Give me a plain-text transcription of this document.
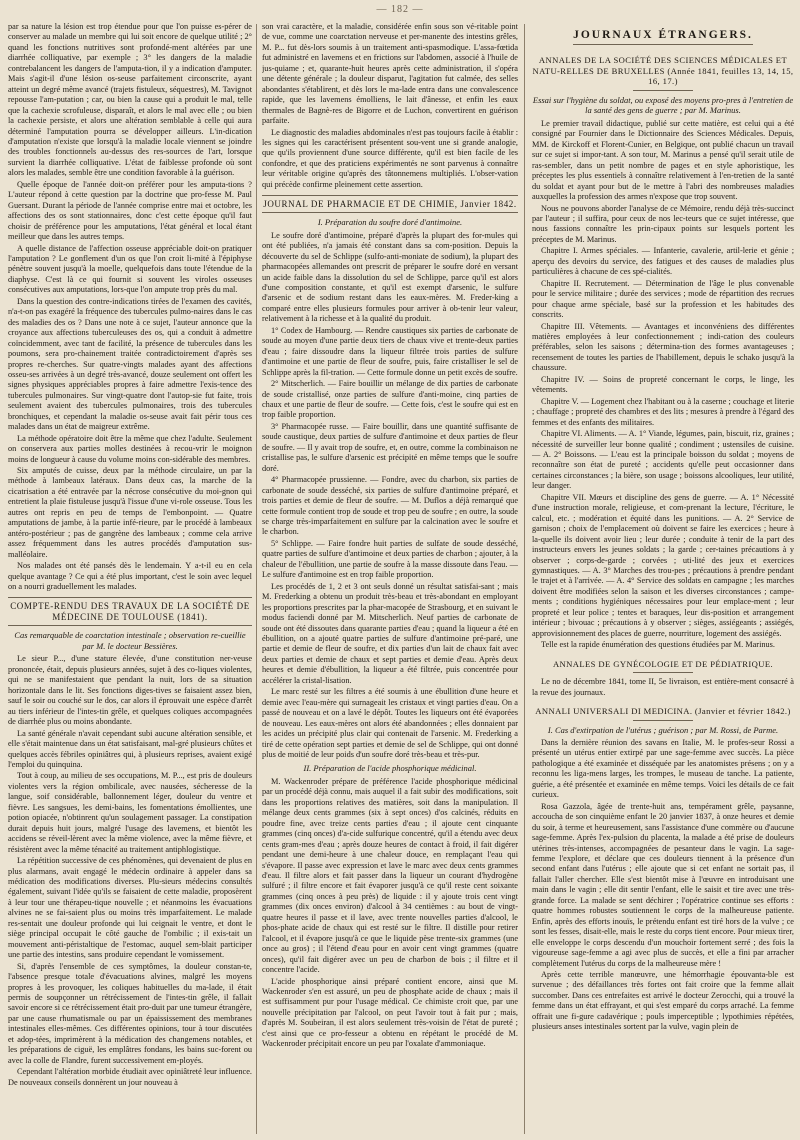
— 182 —

par sa nature la lésion est trop étendue pour que l'on puisse es-pérer de conserver au malade un membre qui lui soit encore de quelque utilité ; 2° quand les fonctions nutritives sont profondé-ment altérées par une diarrhée colliquative, par exemple ; 3° les dangers de la maladie contrebalancent les dangers de l'amputa-tion, il y a indication d'amputer. Mais s'agit-il d'une lésion os-seuse parfaitement circonscrite, ayant atteint un degré même avancé (trajets fistuleux, séquestres), M. Tavignot repousse l'am-putation ; car, ou bien la cause qui a produit le mal, telle que la cachexie scrofuleuse, disparaît, et alors le mal avec elle ; ou bien la cachexie persiste, et alors une altération semblable à celle qui aura déterminé l'amputation pourra se développer ailleurs. L'in-dication d'amputation n'existe que lorsqu'à la maladie locale viennent se joindre des troubles fonctionnels au-dessus des res-sources de l'art, lorsque survient la diarrhée colliquative. L'état de faiblesse profonde où sont alors les malades, semble être une condition favorable à la guérison.

Quelle époque de l'année doit-on préférer pour les amputa-tions ? L'auteur répond à cette question par la doctrine que pro-fesse M. Paul Guersant. Durant la période de l'année comprise entre mai et octobre, les affections des os sont stationnaires, donc c'est cette époque qu'il faut choisir de préférence pour les amputations, l'état général et local étant meilleur que dans les autres temps.

A quelle distance de l'affection osseuse appréciable doit-on pratiquer l'amputation ? Le gonflement d'un os que l'on croit li-mité à l'épiphyse pénètre souvent jusqu'à la moelle, quelquefois dans toute l'étendue de la diaphyse. C'est là ce qui fournit si souvent les viroles osseuses consécutives aux amputations, lors-que l'on ampute trop près du mal.

Dans la question des contre-indications tirées de l'examen des cavités, n'a-t-on pas exagéré la fréquence des tubercules pulmo-naires dans le cas des maladies des os ? Dans une note à ce sujet, l'auteur annonce que la croyance aux affections tuberculeuses des os, qui a conduit à admettre coïncidemment, avec tant de facilité, la présence de tubercules dans les poumons, sera pro-chainement traitée contradictoirement d'après ses propres re-cherches. Sur quatre-vingts malades ayant des affections osseu-ses arrivées à un degré très-avancé, douze seulement ont offert les signes physiques appréciables propres à faire admettre l'exis-tence des tubercules pulmonaires. Sur vingt-quatre dont l'autop-sie fut faite, trois seulement avaient des tubercules pulmonaires, trois des tubercules bronchiques, et cependant la maladie os-seuse avait fait périr tous ces malades dans un état de maigreur extrême.

La méthode opératoire doit être la même que chez l'adulte. Seulement on conservera aux parties molles destinées à recou-vrir le moignon moins de longueur à cause du volume moins con-sidérable des membres.

Six amputés de cuisse, deux par la méthode circulaire, un par la méthode à lambeaux latéraux. Dans deux cas, la marche de la cicatrisation a été entravée par la nécrose consécutive du moi-gnon qui entretient la plaie fistuleuse jusqu'à l'issue d'une vi-role osseuse. Tous les autres ont repris en peu de temps de l'embonpoint. — Quatre amputations de jambe, à la partie infé-rieure, par le procédé à lambeaux antéro-postérieur ; pas de gangrène des lambeaux ; comme cela arrive assez fréquemment dans les autres procédés d'amputation sus-malléolaire.

Nos malades ont été pansés dès le lendemain. Y a-t-il eu en cela quelque avantage ? Ce qui a été plus important, c'est le soin avec lequel on a nourri graduellement les malades.

COMPTE-RENDU DES TRAVAUX DE LA SOCIÉTÉ DE MÉDECINE DE TOULOUSE (1841).
Cas remarquable de coarctation intestinale ; observation re-cueillie par M. le docteur Bessières.

Le sieur P..., d'une stature élevée, d'une constitution ner-veuse prononcée, était, depuis plusieurs années, sujet à des co-liques violentes, qui ne se manifestaient que pendant la nuit, lors de sa situation horizontale dans le lit. Ses fonctions diges-tives se faisaient assez bien, sauf le soir ou couché sur le dos, car alors il éprouvait une espèce d'arrêt au tiers inférieur de l'intes-tin grêle, et quelques coliques accompagnées de diarrhée plus ou moins abondante.

La santé générale n'avait cependant subi aucune altération sensible, et elle s'était maintenue dans un état satisfaisant, mal-gré plusieurs chûtes et quelques accès fébriles opiniâtres qui, à plusieurs reprises, avaient exigé l'emploi du quinquina.

Tout à coup, au milieu de ses occupations, M. P..., est pris de douleurs violentes vers la région ombilicale, avec nausées, sécheresse de la langue, soif considérable, ballonnement léger, douleur du ventre et fièvre. Les sangsues, les demi-bains, les fomentations émollientes, une potion opiacée, n'obtinrent qu'un soulagement passager. La constipation durait depuis huit jours, malgré l'usage des lavemens, et bientôt les accidens se réveil-lèrent avec la même violence, avec la même fièvre, et résistèrent avec la même ténacité au traitement antiphlogistique.

La répétition successive de ces phénomènes, qui devenaient de plus en plus alarmans, avait engagé le médecin ordinaire à appeler dans sa médication des modifications diverses. Plu-sieurs médecins consultés également, suivant l'idée qu'ils se faisaient de cette maladie, proposèrent à leur tour une thérapeu-tique nouvelle ; et néanmoins les évacuations alvines ne se fai-saient plus ou moins très imparfaitement. Le malade res-sentait une douleur profonde qui lui ceignait le ventre, et dont le siège principal occupait le côté gauche de l'ombilic ; il exis-tait un mouvement anti-péristaltique de l'estomac, auquel sem-blait participer une partie des intestins, sans produire cependant le vomissement.

Si, d'après l'ensemble de ces symptômes, la douleur constan-te, l'absence presque totale d'évacuations alvines, malgré les moyens propres à les provoquer, les coliques habituelles du ma-lade, il était permis de soupçonner un rétrécissement de l'intes-tin grêle, il fallait savoir encore si ce rétrécissement était pro-duit par une tumeur étrangère, par une cause rhumatismale ou par un épaississement des membranes intestinales elles-mêmes. Ces différentes opinions, tour à tour discutées et adop-tées, imprimèrent à la médication des changemens notables, et les préparations de ciguë, les emplâtres fondans, les bains suc-forent ou avec la colle de Flandre, furent successivement em-ployés.

Cependant l'altération morbide étudiait avec opiniâtreté leur influence. De nouveaux conseils donnèrent un jour nouveau à

son vrai caractère, et la maladie, considérée enfin sous son vé-ritable point de vue, comme une coarctation nerveuse et per-manente des intestins grêles, M. P... fut dès-lors soumis à un traitement anti-spasmodique. L'assa-fœtida fut administré en lavemens et en frictions sur l'abdomen, associé à l'huile de jus-quiame ; et, quarante-huit heures après cette administration, il s'opéra une détente générale ; la douleur disparut, l'agitation fut calmée, des selles abondantes s'établirent, et dès lors le ma-lade entra dans une convalescence rapide, que les lavemens émolliens, le lait d'ânesse, et enfin les eaux thermales de Bagnè-res de Bigorre et de Luchon, convertirent en guérison parfaite.

Le diagnostic des maladies abdominales n'est pas toujours facile à établir : les signes qui les caractérisent présentent sou-vent une si grande analogie, que qu'ils proviennent d'une source différente, qu'il est bien facile de les confondre, et que des praticiens expérimentés ne sont parvenus à connaître leur véritable origine qu'après des tâtonnemens multipliés. L'obser-vation qui précède confirme pleinement cette assertion.

JOURNAL DE PHARMACIE ET DE CHIMIE, Janvier 1842.
I. Préparation du soufre doré d'antimoine.

Le soufre doré d'antimoine, préparé d'après la plupart des for-mules qui ont été publiées, n'a jamais été constant dans sa com-position. Depuis la découverte du sel de Schlippe (sulfo-anti-moniate de sodium), la plupart des pharmacopées allemandes ont prescrit de préparer le soufre doré en versant un acide faible dans la dissolution du sel de Schlippe, parce qu'il est alors d'une composition constante, et qu'il est exempt d'arsenic, le sulfure d'arsenic et de sodium restant dans les eaux-mères. M. Freder-king a comparé entre elles plusieurs formules pour arriver à ob-tenir leur valeur, relativement à la richesse et à la qualité du produit.

1° Codex de Hambourg. — Rendre caustiques six parties de carbonate de soude au moyen d'une partie deux tiers de chaux vive et trente-deux parties d'eau ; faire dissoudre dans la liqueur filtrée trois parties de sulfure d'antimoine et une partie de fleur de soufre, puis, faire cristalliser le sel de Schlippe après la fil-tration. — Cette formule donne un petit excès de soufre.

2° Mitscherlich. — Faire bouillir un mélange de dix parties de carbonate de soude cristallisé, onze parties de sulfure d'anti-moine, cinq parties de chaux et une partie de fleur de soufre. — Cette fois, c'est le soufre qui est en trop faible proportion.

3° Pharmacopée russe. — Faire bouillir, dans une quantité suffisante de soude caustique, deux parties de sulfure d'antimoine et deux parties de fleur de soufre. — Il y avait trop de soufre, et, en outre, comme la combinaison ne cristallise pas, le sulfure d'arsenic est précipité en même temps que le soufre doré.

4° Pharmacopée prussienne. — Fondre, avec du charbon, six parties de carbonate de soude desséché, six parties de sulfure d'antimoine préparé, et trois parties et demie de fleur de soufre. — M. Duflos a déjà remarqué que cette formule contient trop de soude et trop peu de soufre ; en outre, la soude se charge très-imparfaitement en sulfure par la calcination avec le soufre et le charbon.

5° Schlippe. — Faire fondre huit parties de sulfate de soude desséché, quatre parties de sulfure d'antimoine et deux parties de charbon ; ajouter, à la chaleur de l'ébullition, une partie de soufre à la masse dissoute dans l'eau. — Le sulfure d'antimoine est en trop faible proportion.

Les procédés de 1, 2 et 3 ont seuls donné un résultat satisfai-sant ; mais M. Frederking a obtenu un produit très-beau et très-abondant en employant les proportions prescrites par la phar-macopée de Strasbourg, et en suivant le modus faciendi donné par M. Mitscherlich. Neuf parties de carbonate de soude ont été dissoutes dans quarante parties d'eau ; quand la liqueur a été en ébullition, on a ajouté quatre parties de sulfure d'antimoine pré-paré, une partie et demie de fleur de soufre, et dix parties d'un lait de chaux fait avec deux parties et demie de chaux et sept parties et demie d'eau. Après deux heures et demie d'ébullition, la liqueur a été filtrée, puis concentrée pour accélérer la cristal-lisation.

Le marc resté sur les filtres a été soumis à une ébullition d'une heure et demie avec l'eau-mère qui surnageait les cristaux et vingt parties d'eau. On a passé de nouveau et on a lavé le dépôt. Toutes les liqueurs ont été évaporées de nouveau. Les eaux-mères ont alors été abandonnées ; elles donnaient par les acides un précipité plus clair qui contenait de l'arsenic. M. Frederking a tiré de cette opération sept parties et demie de sel de Schlippe, qui ont donné plus de moitié de leur poids d'un soufre doré très-beau et très-pur.

II. Préparation de l'acide phosphorique médicinal.

M. Wackenroder prépare de préférence l'acide phosphorique médicinal par un procédé déjà connu, mais auquel il a fait subir des modifications, soit dans les proportions relatives des matières, soit dans la manipulation. Il mélange deux cents grammes (six à sept onces) d'os calcinés, réduits en poudre fine, avec treize cents parties d'eau ; il ajoute cent cinquante grammes (cinq onces) d'a-cide sulfurique concentré, qu'il a étendu avec deux cents gram-mes d'eau ; après douze heures de contact à froid, il fait digérer pendant une demi-heure à une chaleur douce, en remplaçant l'eau qui s'évapore. Il passe avec expression et lave le marc avec deux cents grammes d'eau. Il filtre alors et fait passer dans la liqueur un courant d'hydrogène sulfuré ; il filtre encore et fait évaporer jusqu'à ce qu'il reste cent soixante grammes (cinq onces à peu près) de liquide : il y ajoute trois cent vingt grammes (dix onces environ) d'alcool à 34 centièmes : au bout de vingt-quatre heures il passe et il lave, avec trente nouvelles parties d'alcool, le phos-phate acide de chaux qui est resté sur le filtre. Il distille pour retirer l'alcool, et il évapore jusqu'à ce que le liquide pèse trente-six grammes (une once au gros) ; il l'étend d'eau pour en avoir cent vingt grammes (quatre onces), qu'il fait digérer avec un peu de charbon de bois ; il filtre et il concentre l'acide.

L'acide phosphorique ainsi préparé contient encore, ainsi que M. Wackenroder s'en est assuré, un peu de phosphate acide de chaux ; mais il est suffisamment pur pour l'usage médical. Ce chimiste croit que, par une nouvelle précipitation par l'alcool, on peut l'avoir tout à fait pur ; mais, d'après M. Soubeiran, il est alors seulement très-voisin de l'état de pureté ; c'est ainsi que ce pro-fesseur a obtenu en répétant le procédé de M. Wackenroder précipitait encore un peu par l'oxalate d'ammoniaque.

JOURNAUX ÉTRANGERS.
ANNALES DE LA SOCIÉTÉ DES SCIENCES MÉDICALES ET NATU-RELLES DE BRUXELLES (Année 1841, feuilles 13, 14, 15, 16, 17.)
Essai sur l'hygiène du soldat, ou exposé des moyens pro-pres à l'entretien de la santé des gens de guerre ; par M. Marinus.

Le premier travail didactique, publié sur cette matière, est celui qui a été consigné par Fournier dans le Dictionnaire des Sciences Médicales. Depuis, MM. de Kirckoff et Florent-Cunier, en Belgique, ont publié chacun un travail sur ce sujet si impor-tant. A son tour, M. Marinus a pensé qu'il serait utile de ras-sembler, dans un petit nombre de pages et en style aphoristique, les préceptes les plus essentiels à connaître relativement à l'en-tretien de la santé du soldat et ayant pour but de le mettre à l'abri des nombreuses maladies auxquelles la profession des armes n'expose que trop souvent.

Nous ne pouvons aborder l'analyse de ce Mémoire, rendu déjà très-succinct par l'auteur ; il suffira, pour ceux de nos lec-teurs que ce sujet intéresse, que nous fassions connaître les prin-cipaux points sur lesquels portent les préceptes de M. Marinus.

Chapitre I. Armes spéciales. — Infanterie, cavalerie, artil-lerie et génie ; aperçu des devoirs du service, des fatigues et des causes de maladies plus particulières à chacune de ces spé-cialités.

Chapitre II. Recrutement. — Détermination de l'âge le plus convenable pour le service militaire ; durée des services ; mode de répartition des recrues pour chaque arme spéciale, basé sur la profession et les habitudes des conscrits.

Chapitre III. Vêtements. — Avantages et inconvéniens des différentes matières employées à leur confectionnement ; indi-cation des couleurs préférables, selon les saisons ; détermina-tion des formes avantageuses ; recensement de toutes les parties de l'habillement, depuis le schako jusqu'à la chaussure.

Chapitre IV. — Soins de propreté concernant le corps, le linge, les vêtements.

Chapitre V. — Logement chez l'habitant ou à la caserne ; couchage et literie ; chauffage ; propreté des chambres et des lits ; mesures à prendre à l'égard des femmes et des enfants des militaires.

Chapitre VI. Aliments. — A. 1° Viande, légumes, pain, biscuit, riz, graines ; nécessité de surveiller leur bonne qualité ; condiment ; ustensiles de cuisine. — A. 2° Boissons. — L'eau est la principale boisson du soldat ; moyens de reconnaître son état de pureté ; accidents qu'elle peut occasionner dans certaines circonstances ; la bière, son usage ; boissons alcooliques, leur utilité, leur danger.

Chapitre VII. Mœurs et discipline des gens de guerre. — A. 1° Nécessité d'une instruction morale, religieuse, et com-prenant la lecture, l'écriture, le calcul, etc. ; modération et équité dans les punitions. — A. 2° Service de garnison ; choix de l'emplacement où doivent se faire les exercices ; heure à la-quelle ils doivent avoir lieu ; leur durée ; conduite à tenir de la part des instructeurs envers les jeunes soldats ; la garde ; cer-taines précautions à y observer ; corps-de-garde ; corvées ; uti-lité des jeux et exercices gymnastiques. — A. 3° Marches des trou-pes ; précautions à prendre pendant le trajet et à l'arrivée. — A. 4° Service des soldats en campagne ; les marches doivent être modifiées selon la saison et les diverses circonstances ; campe-ments ; conditions hygiéniques nécessaires pour leur emplace-ment ; leur propreté et leur police ; tentes et baraques, leur dis-position et arrangement intérieur ; bivouac ; précautions à y observer ; sièges, assiégeants ; assiégés, approvisionnement des places de guerre, nourriture, logement des assiégés.

Telle est la rapide énumération des questions étudiées par M. Marinus.

ANNALES DE GYNÉCOLOGIE ET DE PÉDIATRIQUE.

Le no de décembre 1841, tome II, 5e livraison, est entière-ment consacré à la revue des journaux.

ANNALI UNIVERSALI DI MEDICINA. (Janvier et février 1842.)
I. Cas d'extirpation de l'utérus ; guérison ; par M. Rossi, de Parme.

Dans la dernière réunion des savans en Italie, M. le profes-seur Rossi a présenté un utérus entier extirpé par une sage-femme avec succès. La pièce pathologique a été examinée et disséquée par les anatomistes présens ; on y a reconnu les liga-mens larges, les trompes, le museau de tanche. La patiente, guérie, a été présentée et examinée en même temps. Voici les détails de ce fait curieux.

Rosa Gazzola, âgée de trente-huit ans, tempérament grêle, paysanne, accoucha de son cinquième enfant le 20 janvier 1837, à onze heures et demie du soir, à terme et heureusement, sans l'assistance d'une commère ou d'aucune sage-femme. Après l'ex-pulsion du placenta, la malade a été prise de douleurs utérines très-intenses, accompagnées de pesanteur dans le vagin. La sage-femme l'explore, et déclare que ces douleurs tiennent à la présence d'un second enfant dans l'utérus ; elle ajoute que si cet enfant ne sortait pas, il fallait l'aller chercher. Elle s'est bientôt mise à l'œuvre en introduisant une main dans le vagin ; elle dit sentir l'enfant, elle le saisit et tire avec une très-grande force. La malade se sent déchirer ; l'opératrice continue ses efforts : quatre hommes robustes soutiennent le corps de la malheureuse patiente. Enfin, après des efforts inouïs, le prétendu enfant est tiré hors de la vulve ; ce sont les fesses, disait-elle, mais le reste du corps tient encore. Pour mieux tirer, elle enveloppe le corps descendu d'un mouchoir fortement serré ; des fois la vigoureuse sage-femme a agi avec plus de succès, et elle a fini par arracher complètement l'utérus du corps de la malheureuse mère !

Après cette terrible manœuvre, une hémorrhagie épouvanta-ble est survenue ; des défaillances très fortes ont fait croire que la femme allait succomber. Dans ces entrefaites est arrivé le docteur Zerocchi, qui a trouvé la femme dans un état effrayant, et qui s'est emparé du corps arraché. La femme offrait une fi-gure cadavérique ; pouls imperceptible ; lypothimies répétées, plusieurs anses intestinales sortent par la vulve, vagin plein de
